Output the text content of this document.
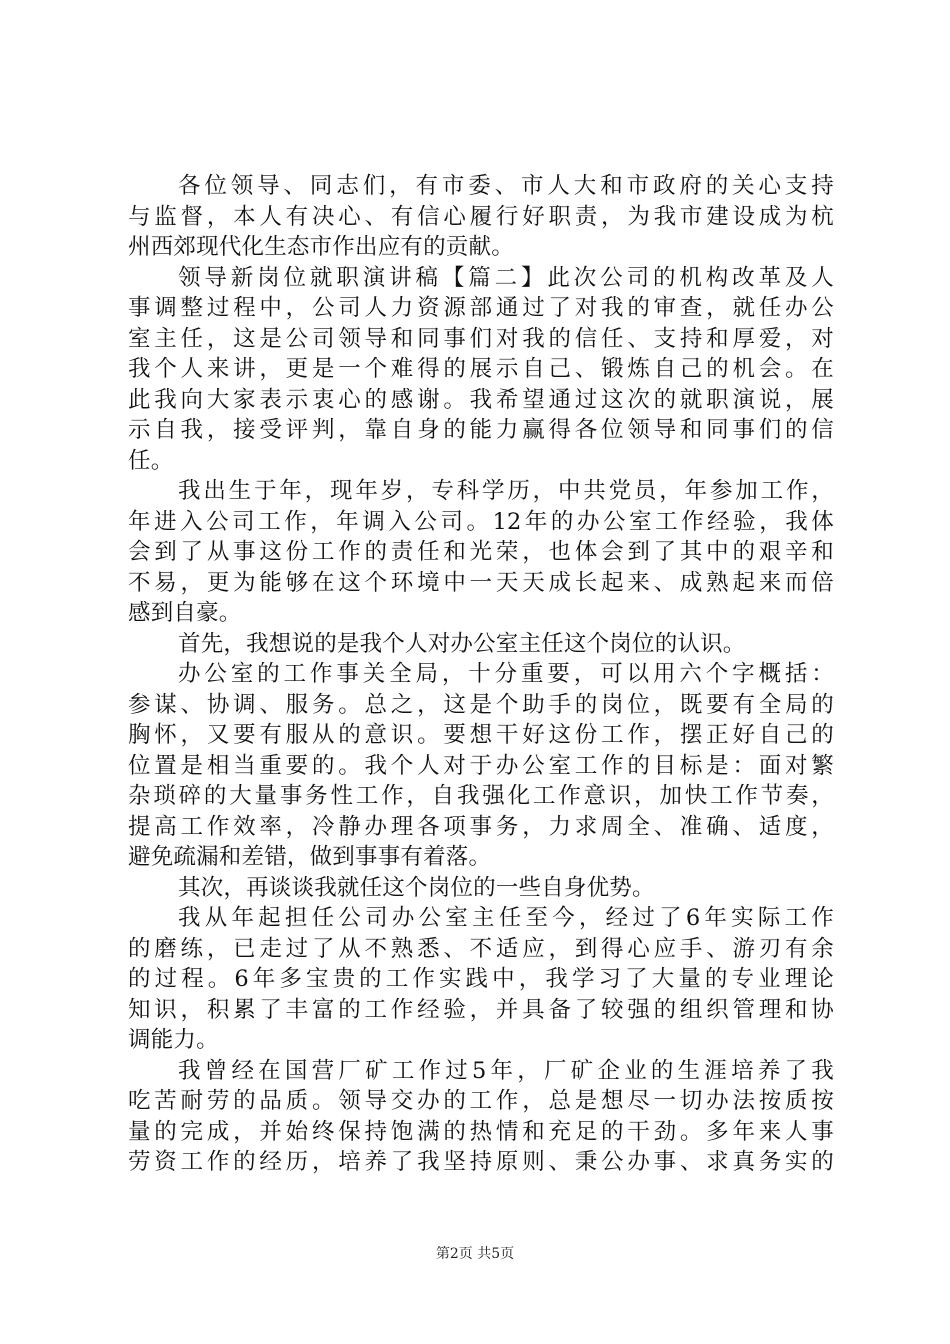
各位领导、同志们，有市委、市人大和市政府的关心支持
与监督，本人有决心、有信心履行好职责，为我市建设成为杭
州西郊现代化生态市作出应有的贡献。
领导新岗位就职演讲稿【篇二】此次公司的机构改革及人
事调整过程中，公司人力资源部通过了对我的审查，就任办公
室主任，这是公司领导和同事们对我的信任、支持和厚爱，对
我个人来讲，更是一个难得的展示自己、锻炼自己的机会。在
此我向大家表示衷心的感谢。我希望通过这次的就职演说，展
示自我，接受评判，靠自身的能力赢得各位领导和同事们的信
任。
我出生于年，现年岁，专科学历，中共党员，年参加工作，
年进入公司工作，年调入公司。12年的办公室工作经验，我体
会到了从事这份工作的责任和光荣，也体会到了其中的艰辛和
不易，更为能够在这个环境中一天天成长起来、成熟起来而倍
感到自豪。
首先，我想说的是我个人对办公室主任这个岗位的认识。
办公室的工作事关全局，十分重要，可以用六个字概括：
参谋、协调、服务。总之，这是个助手的岗位，既要有全局的
胸怀，又要有服从的意识。要想干好这份工作，摆正好自己的
位置是相当重要的。我个人对于办公室工作的目标是：面对繁
杂琐碎的大量事务性工作，自我强化工作意识，加快工作节奏，
提高工作效率，冷静办理各项事务，力求周全、准确、适度，
避免疏漏和差错，做到事事有着落。
其次，再谈谈我就任这个岗位的一些自身优势。
我从年起担任公司办公室主任至今，经过了6年实际工作
的磨练，已走过了从不熟悉、不适应，到得心应手、游刃有余
的过程。6年多宝贵的工作实践中，我学习了大量的专业理论
知识，积累了丰富的工作经验，并具备了较强的组织管理和协
调能力。
我曾经在国营厂矿工作过5年，厂矿企业的生涯培养了我
吃苦耐劳的品质。领导交办的工作，总是想尽一切办法按质按
量的完成，并始终保持饱满的热情和充足的干劲。多年来人事
劳资工作的经历，培养了我坚持原则、秉公办事、求真务实的
第2页 共5页
